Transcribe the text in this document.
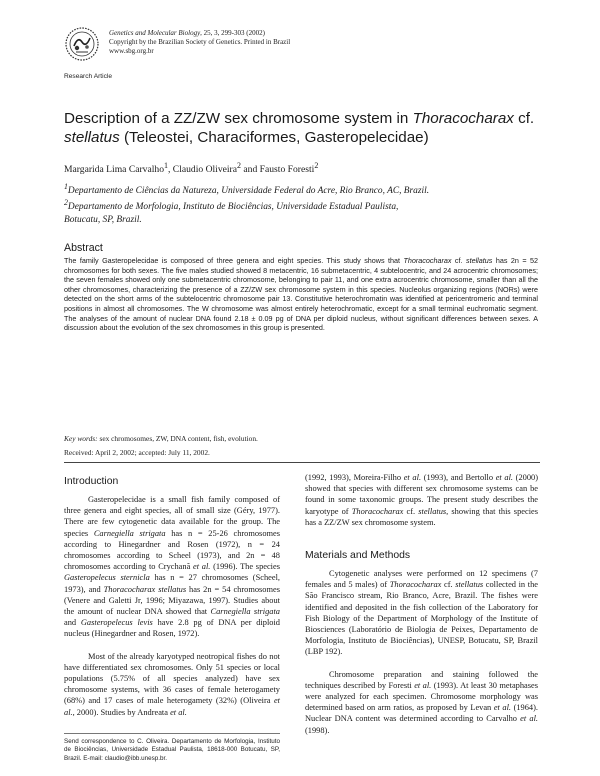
Genetics and Molecular Biology, 25, 3, 299-303 (2002)
Copyright by the Brazilian Society of Genetics. Printed in Brazil
www.sbg.org.br
Research Article
Description of a ZZ/ZW sex chromosome system in Thoracocharax cf. stellatus (Teleostei, Characiformes, Gasteropelecidae)
Margarida Lima Carvalho$^1$, Claudio Oliveira$^2$ and Fausto Foresti$^2$

$^1$Departamento de Ciências da Natureza, Universidade Federal do Acre, Rio Branco, AC, Brazil.

$^2$Departamento de Morfologia, Instituto de Biociências, Universidade Estadual Paulista,

Botucatu, SP, Brazil.

Abstract
The family Gasteropelecidae is composed of three genera and eight species. This study shows that Thoracocharax cf. stellatus has 2n = 52 chromosomes for both sexes. The five males studied showed 8 metacentric, 16 submetacentric, 4 subtelocentric, and 24 acrocentric chromosomes; the seven females showed only one submetacentric chromosome, belonging to pair 11, and one extra acrocentric chromosome, smaller than all the other chromosomes, characterizing the presence of a ZZ/ZW sex chromosome system in this species. Nucleolus organizing regions (NORs) were detected on the short arms of the subtelocentric chromosome pair 13. Constitutive heterochromatin was identified at pericentromeric and terminal positions in almost all chromosomes. The W chromosome was almost entirely heterochromatic, except for a small terminal euchromatic segment. The analyses of the amount of nuclear DNA found 2.18 ± 0.09 pg of DNA per diploid nucleus, without significant differences between sexes. A discussion about the evolution of the sex chromosomes in this group is presented.
Key words: sex chromosomes, ZW, DNA content, fish, evolution.
Received: April 2, 2002; accepted: July 11, 2002.
Introduction

Gasteropelecidae is a small fish family composed of three genera and eight species, all of small size (Géry, 1977). There are few cytogenetic data available for the group. The species Carnegiella strigata has n = 25-26 chromosomes according to Hinegardner and Rosen (1972), n = 24 chromosomes according to Scheel (1973), and 2n = 48 chromosomes according to Crychanã et al. (1996). The species Gasteropelecus sternicla has n = 27 chromosomes (Scheel, 1973), and Thoracocharax stellatus has 2n = 54 chromosomes (Venere and Galetti Jr, 1996; Miyazawa, 1997). Studies about the amount of nuclear DNA showed that Carnegiella strigata and Gasteropelecus levis have 2.8 pg of DNA per diploid nucleus (Hinegardner and Rosen, 1972).

Most of the already karyotyped neotropical fishes do not have differentiated sex chromosomes. Only 51 species or local populations (5.75% of all species analyzed) have sex chromosome systems, with 36 cases of female heterogamety (68%) and 17 cases of male heterogamety (32%) (Oliveira et al., 2000). Studies by Andreata et al.

(1992, 1993), Moreira-Filho et al. (1993), and Bertollo et al. (2000) showed that species with different sex chromosome systems can be found in some taxonomic groups. The present study describes the karyotype of Thoracocharax cf. stellatus, showing that this species has a ZZ/ZW sex chromosome system.

Materials and Methods

Cytogenetic analyses were performed on 12 specimens (7 females and 5 males) of Thoracocharax cf. stellatus collected in the São Francisco stream, Rio Branco, Acre, Brazil. The fishes were identified and deposited in the fish collection of the Laboratory for Fish Biology of the Department of Morphology of the Institute of Biosciences (Laboratório de Biologia de Peixes, Departamento de Morfologia, Instituto de Biociências), UNESP, Botucatu, SP, Brazil (LBP 192).

Chromosome preparation and staining followed the techniques described by Foresti et al. (1993). At least 30 metaphases were analyzed for each specimen. Chromosome morphology was determined based on arm ratios, as proposed by Levan et al. (1964). Nuclear DNA content was determined according to Carvalho et al. (1998).

Send correspondence to C. Oliveira. Departamento de Morfologia, Instituto de Biociências, Universidade Estadual Paulista, 18618-000 Botucatu, SP, Brazil. E-mail: claudio@ibb.unesp.br.
